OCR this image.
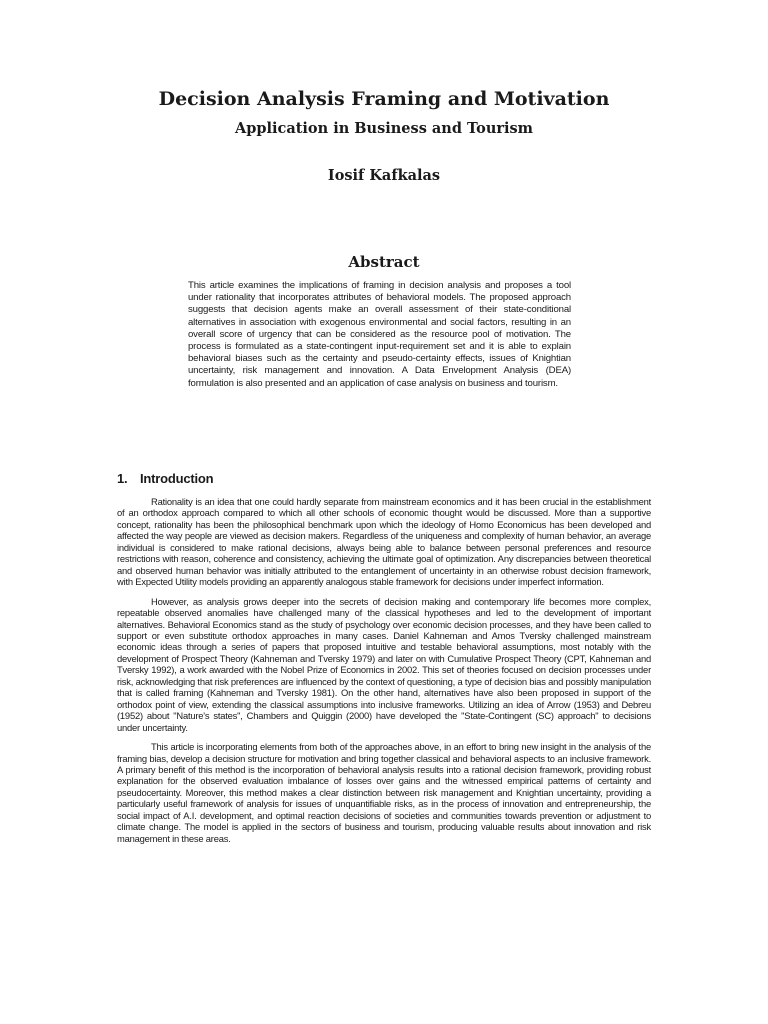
Decision Analysis Framing and Motivation
Application in Business and Tourism
Iosif Kafkalas
Abstract

This article examines the implications of framing in decision analysis and proposes a tool under rationality that incorporates attributes of behavioral models. The proposed approach suggests that decision agents make an overall assessment of their state-conditional alternatives in association with exogenous environmental and social factors, resulting in an overall score of urgency that can be considered as the resource pool of motivation. The process is formulated as a state-contingent input-requirement set and it is able to explain behavioral biases such as the certainty and pseudo-certainty effects, issues of Knightian uncertainty, risk management and innovation. A Data Envelopment Analysis (DEA) formulation is also presented and an application of case analysis on business and tourism.

1. Introduction

Rationality is an idea that one could hardly separate from mainstream economics and it has been crucial in the establishment of an orthodox approach compared to which all other schools of economic thought would be discussed. More than a supportive concept, rationality has been the philosophical benchmark upon which the ideology of Homo Economicus has been developed and affected the way people are viewed as decision makers. Regardless of the uniqueness and complexity of human behavior, an average individual is considered to make rational decisions, always being able to balance between personal preferences and resource restrictions with reason, coherence and consistency, achieving the ultimate goal of optimization. Any discrepancies between theoretical and observed human behavior was initially attributed to the entanglement of uncertainty in an otherwise robust decision framework, with Expected Utility models providing an apparently analogous stable framework for decisions under imperfect information.

However, as analysis grows deeper into the secrets of decision making and contemporary life becomes more complex, repeatable observed anomalies have challenged many of the classical hypotheses and led to the development of important alternatives. Behavioral Economics stand as the study of psychology over economic decision processes, and they have been called to support or even substitute orthodox approaches in many cases. Daniel Kahneman and Amos Tversky challenged mainstream economic ideas through a series of papers that proposed intuitive and testable behavioral assumptions, most notably with the development of Prospect Theory (Kahneman and Tversky 1979) and later on with Cumulative Prospect Theory (CPT, Kahneman and Tversky 1992), a work awarded with the Nobel Prize of Economics in 2002. This set of theories focused on decision processes under risk, acknowledging that risk preferences are influenced by the context of questioning, a type of decision bias and possibly manipulation that is called framing (Kahneman and Tversky 1981). On the other hand, alternatives have also been proposed in support of the orthodox point of view, extending the classical assumptions into inclusive frameworks. Utilizing an idea of Arrow (1953) and Debreu (1952) about "Nature's states", Chambers and Quiggin (2000) have developed the "State-Contingent (SC) approach" to decisions under uncertainty.

This article is incorporating elements from both of the approaches above, in an effort to bring new insight in the analysis of the framing bias, develop a decision structure for motivation and bring together classical and behavioral aspects to an inclusive framework. A primary benefit of this method is the incorporation of behavioral analysis results into a rational decision framework, providing robust explanation for the observed evaluation imbalance of losses over gains and the witnessed empirical patterns of certainty and pseudocertainty. Moreover, this method makes a clear distinction between risk management and Knightian uncertainty, providing a particularly useful framework of analysis for issues of unquantifiable risks, as in the process of innovation and entrepreneurship, the social impact of A.I. development, and optimal reaction decisions of societies and communities towards prevention or adjustment to climate change. The model is applied in the sectors of business and tourism, producing valuable results about innovation and risk management in these areas.
